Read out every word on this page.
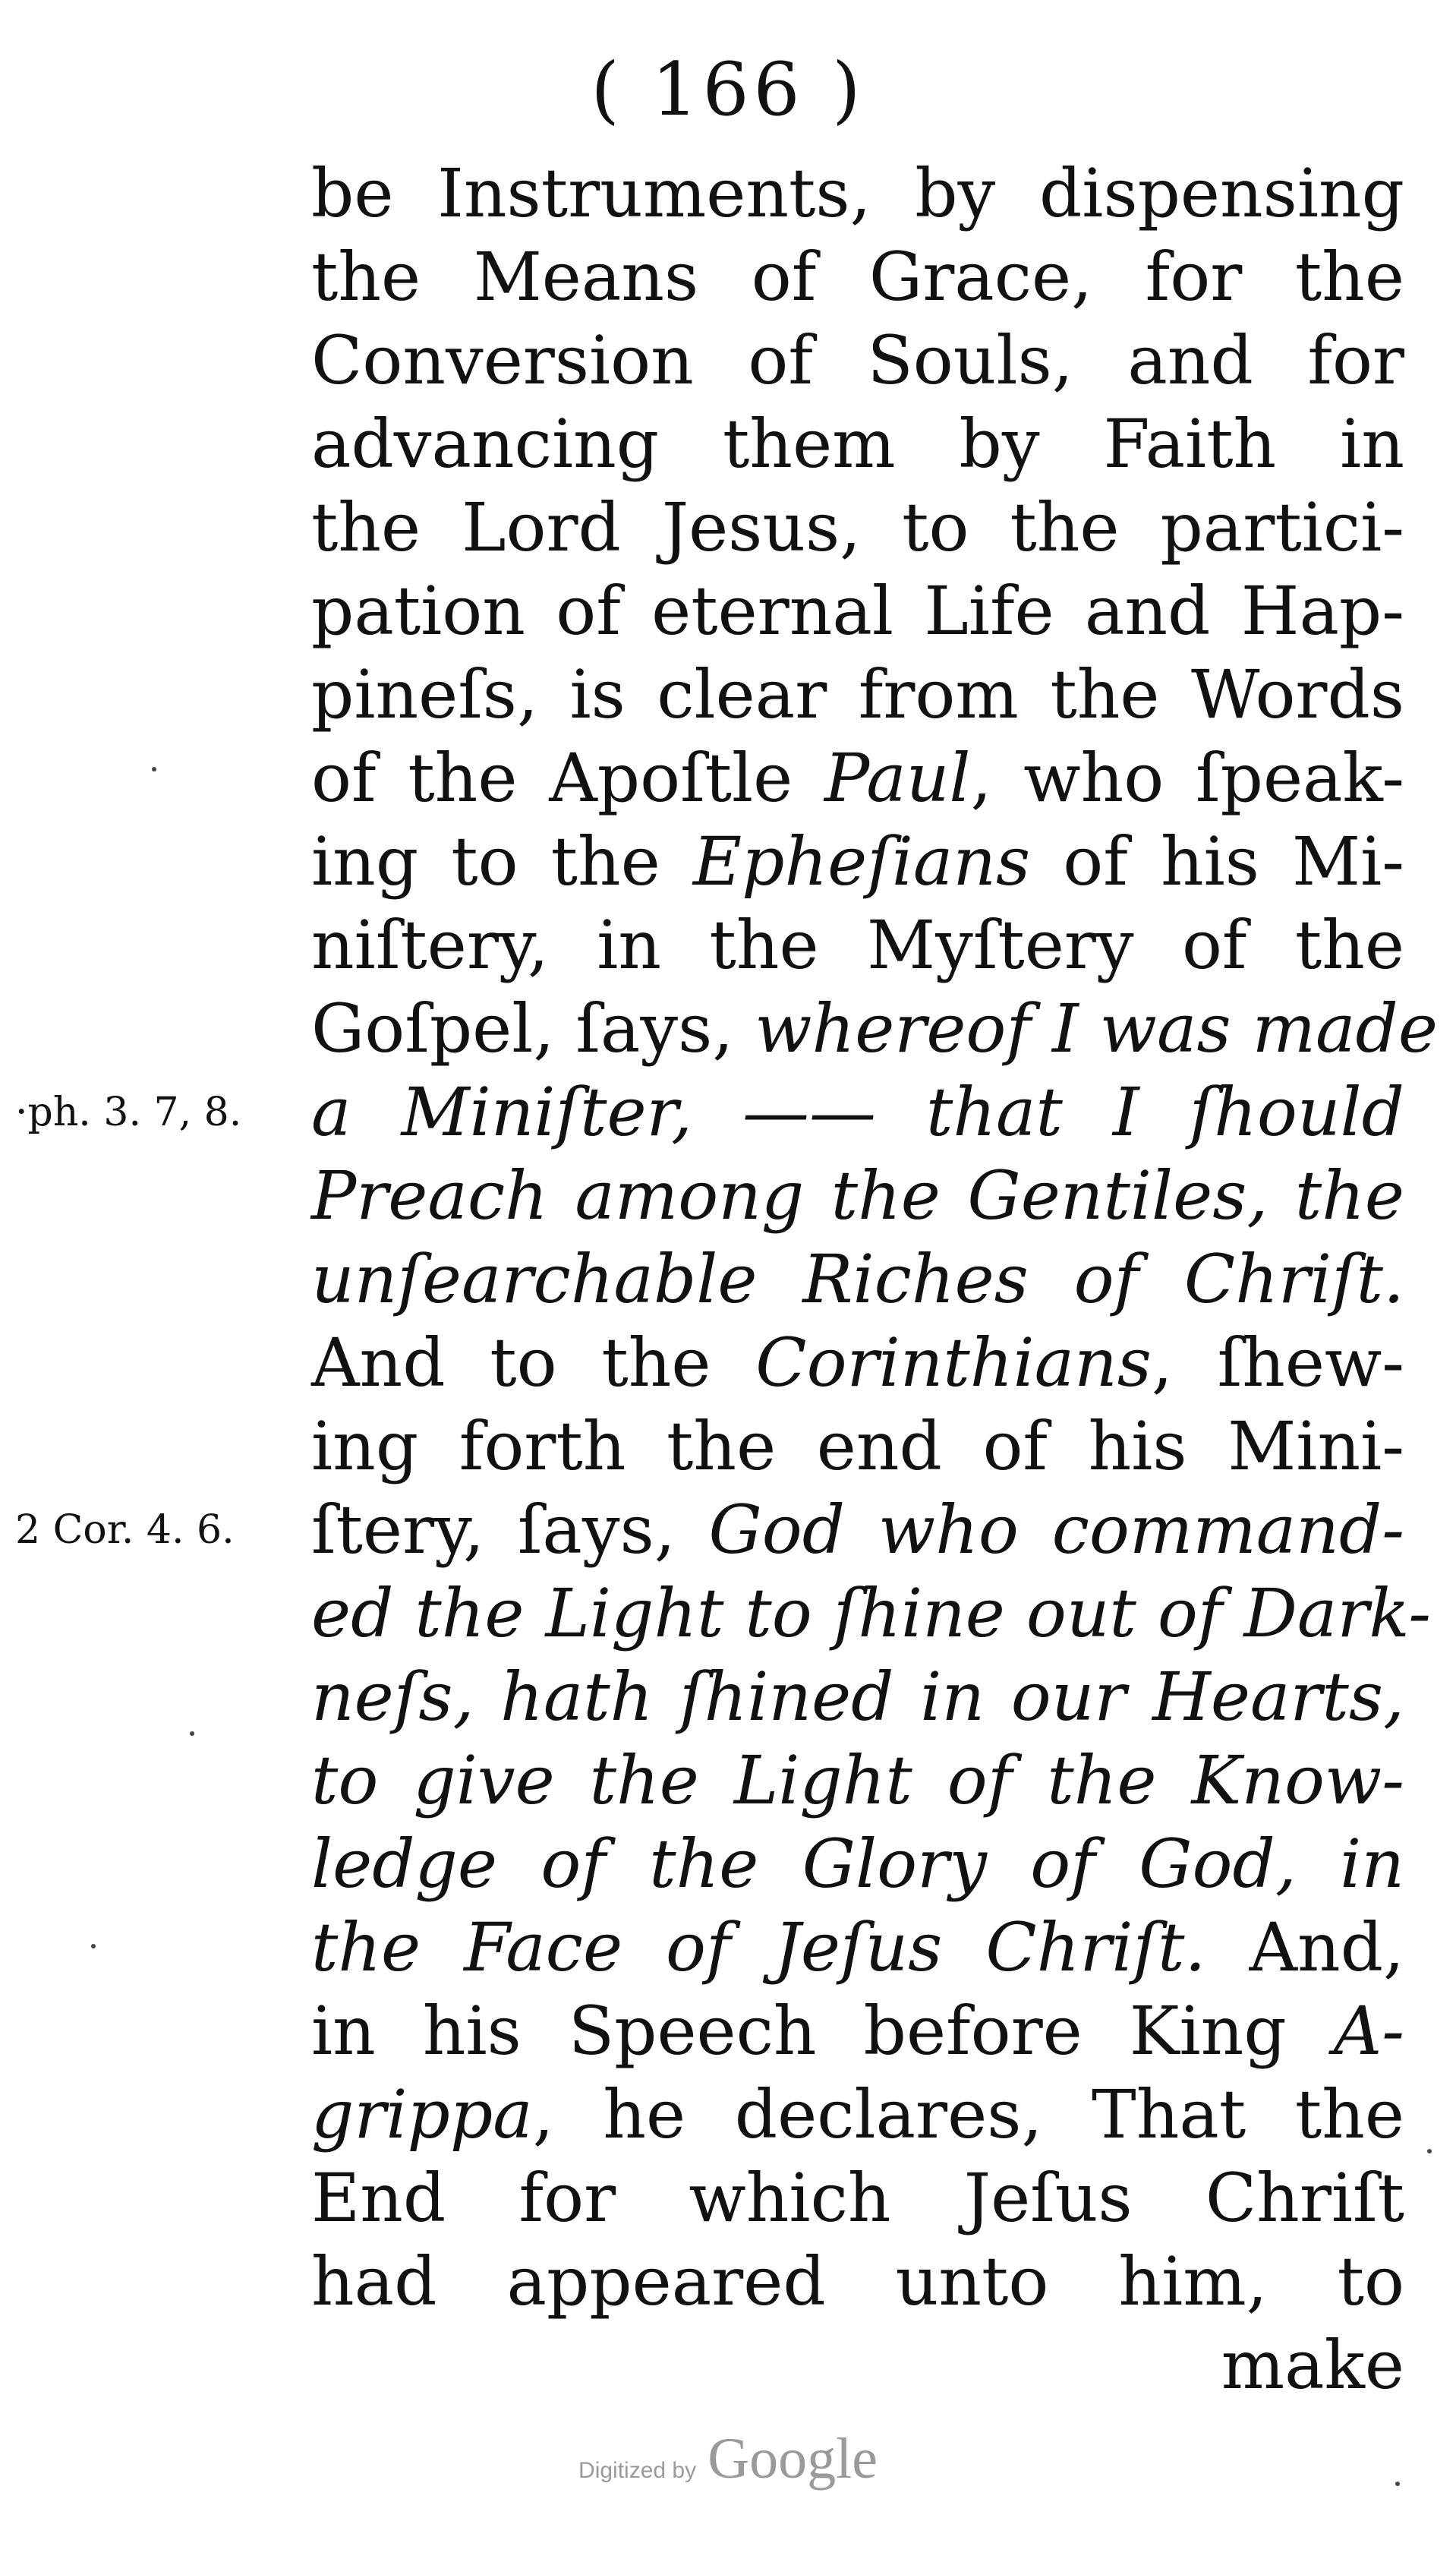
( 166 )
be Instruments, by dispensing
the Means of Grace, for the
Conversion of Souls, and for
advancing them by Faith in
the Lord Jesus, to the partici-
pation of eternal Life and Hap-
pineſs, is clear from the Words
of the Apoſtle Paul, who ſpeak-
ing to the Epheſians of his Mi-
niſtery, in the Myſtery of the
Goſpel, ſays, whereof I was made
a Miniſter, —— that I ſhould
Preach among the Gentiles, the
unſearchable Riches of Chriſt.
And to the Corinthians, ſhew-
ing forth the end of his Mini-
ſtery, ſays, God who command-
ed the Light to ſhine out of Dark-
neſs, hath ſhined in our Hearts,
to give the Light of the Know-
ledge of the Glory of God, in
the Face of Jeſus Chriſt. And,
in his Speech before King A-
grippa, he declares, That the
End for which Jeſus Chriſt
had appeared unto him, to
make
·ph. 3. 7, 8.
2 Cor. 4. 6.
Digitized by Google
